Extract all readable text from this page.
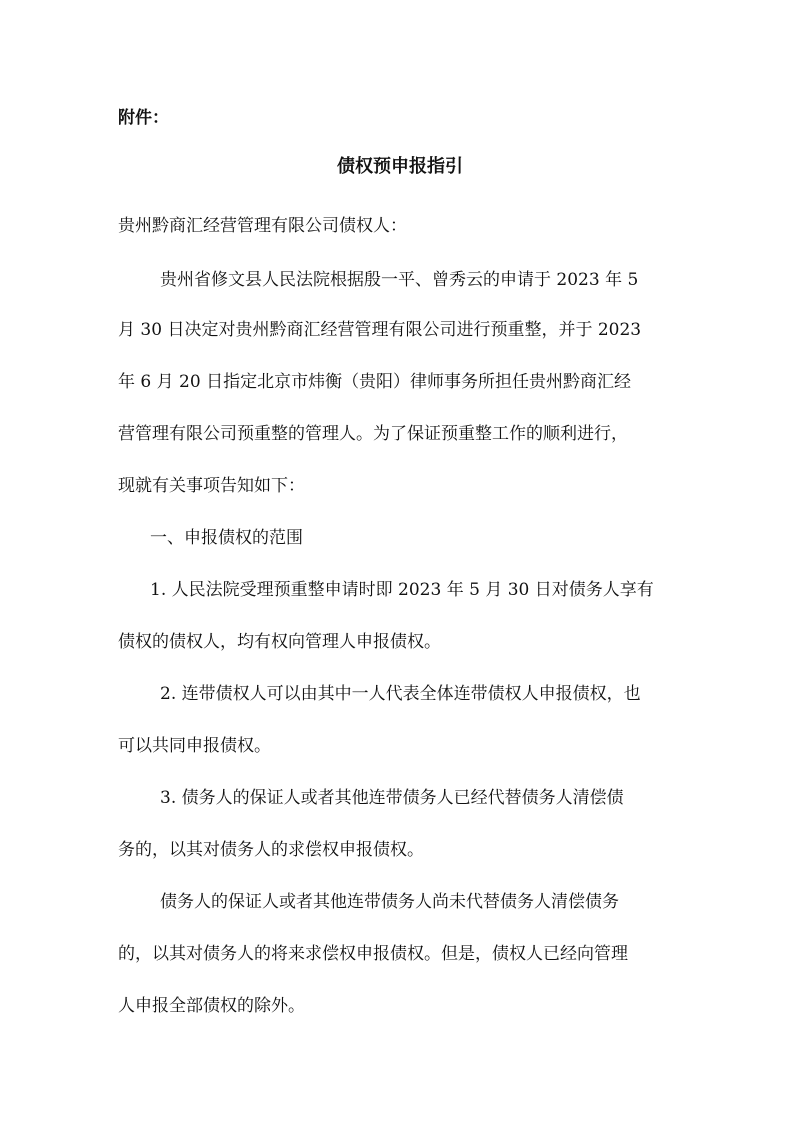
附件：
债权预申报指引
贵州黔商汇经营管理有限公司债权人：
贵州省修文县人民法院根据殷一平、曾秀云的申请于 2023 年 5
月 30 日决定对贵州黔商汇经营管理有限公司进行预重整，并于 2023
年 6 月 20 日指定北京市炜衡（贵阳）律师事务所担任贵州黔商汇经
营管理有限公司预重整的管理人。为了保证预重整工作的顺利进行，
现就有关事项告知如下：
一、申报债权的范围
1. 人民法院受理预重整申请时即 2023 年 5 月 30 日对债务人享有
债权的债权人，均有权向管理人申报债权。
2. 连带债权人可以由其中一人代表全体连带债权人申报债权，也
可以共同申报债权。
3. 债务人的保证人或者其他连带债务人已经代替债务人清偿债
务的，以其对债务人的求偿权申报债权。
债务人的保证人或者其他连带债务人尚未代替债务人清偿债务
的，以其对债务人的将来求偿权申报债权。但是，债权人已经向管理
人申报全部债权的除外。
